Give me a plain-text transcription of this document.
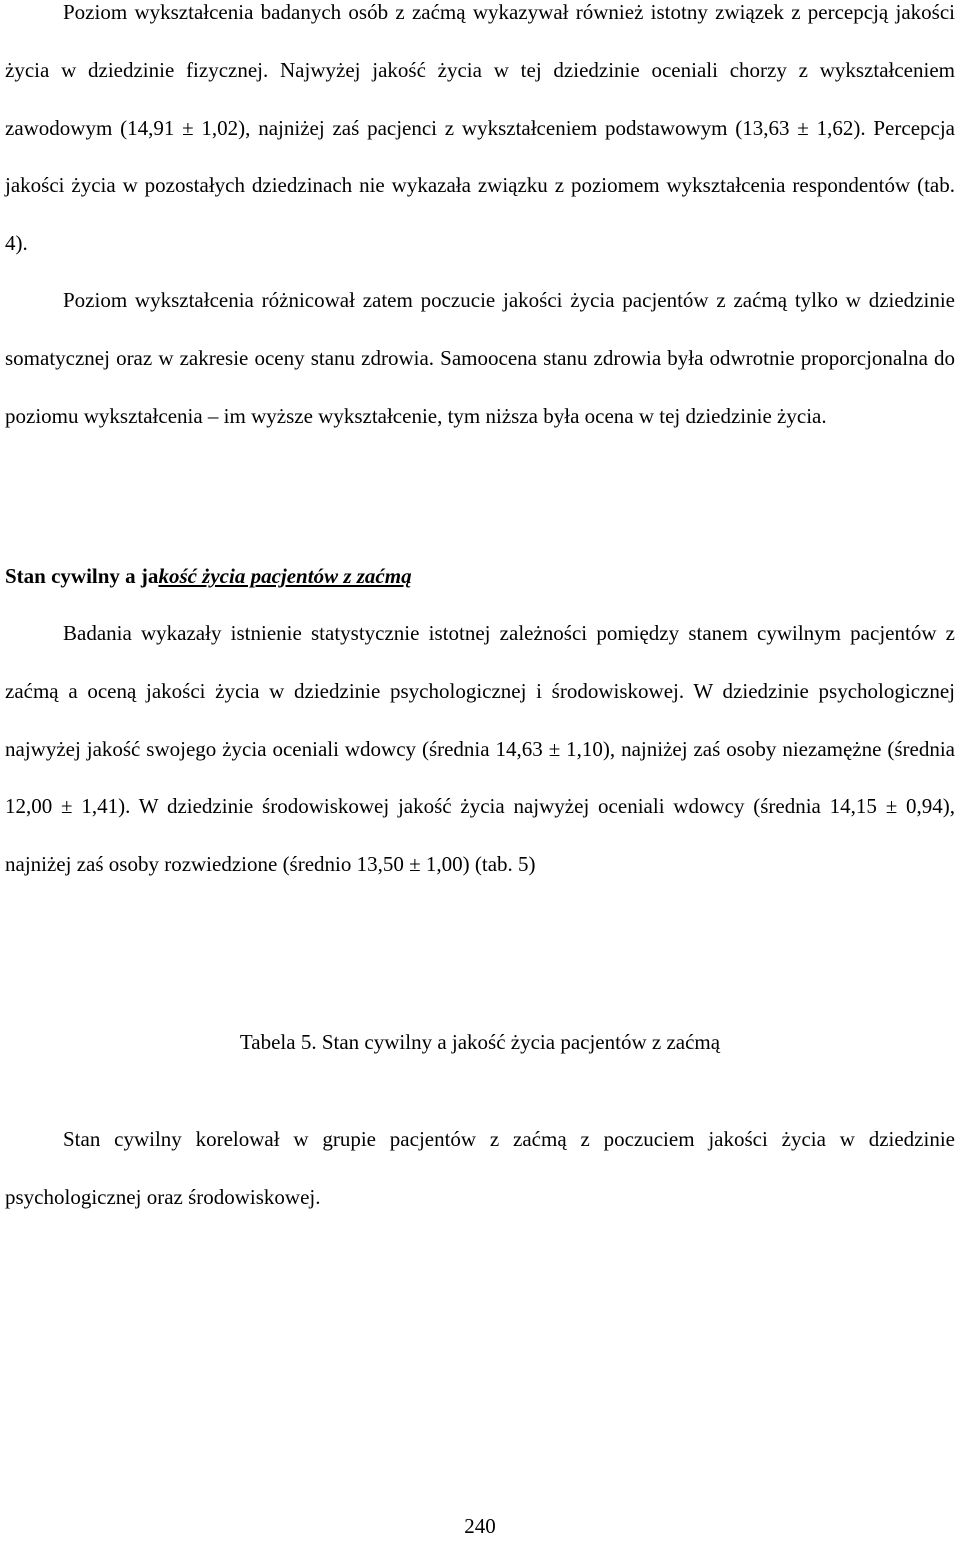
Poziom wykształcenia badanych osób z zaćmą wykazywał również istotny związek z percepcją jakości życia w dziedzinie fizycznej. Najwyżej jakość życia w tej dziedzinie oceniali chorzy z wykształceniem zawodowym (14,91 ± 1,02), najniżej zaś pacjenci z wykształceniem podstawowym (13,63 ± 1,62). Percepcja jakości życia w pozostałych dziedzinach nie wykazała związku z poziomem wykształcenia respondentów (tab. 4).

Poziom wykształcenia różnicował zatem poczucie jakości życia pacjentów z zaćmą tylko w dziedzinie somatycznej oraz w zakresie oceny stanu zdrowia. Samoocena stanu zdrowia była odwrotnie proporcjonalna do poziomu wykształcenia – im wyższe wykształcenie, tym niższa była ocena w tej dziedzinie życia.

Stan cywilny a jakość życia pacjentów z zaćmą

Badania wykazały istnienie statystycznie istotnej zależności pomiędzy stanem cywilnym pacjentów z zaćmą a oceną jakości życia w dziedzinie psychologicznej i środowiskowej. W dziedzinie psychologicznej najwyżej jakość swojego życia oceniali wdowcy (średnia 14,63 ± 1,10), najniżej zaś osoby niezamężne (średnia 12,00 ± 1,41). W dziedzinie środowiskowej jakość życia najwyżej oceniali wdowcy (średnia 14,15 ± 0,94), najniżej zaś osoby rozwiedzione (średnio 13,50 ± 1,00) (tab. 5)

Tabela 5. Stan cywilny a jakość życia pacjentów z zaćmą

Stan cywilny korelował w grupie pacjentów z zaćmą z poczuciem jakości życia w dziedzinie psychologicznej oraz środowiskowej.

240
